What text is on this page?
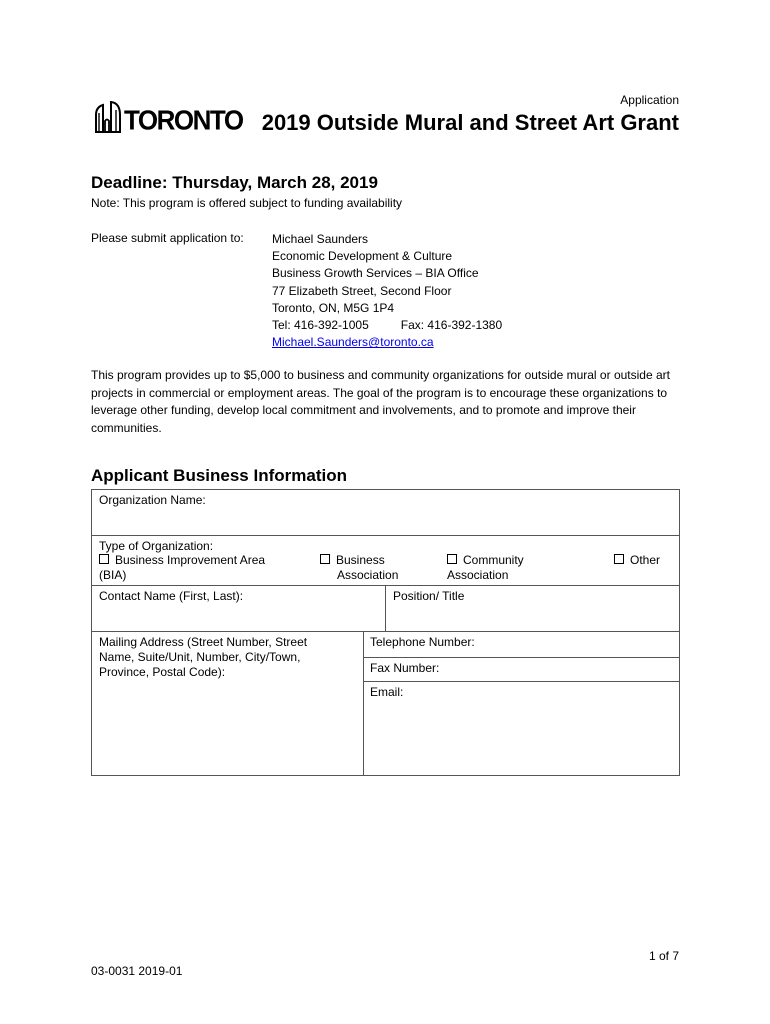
Application
TORONTO 2019 Outside Mural and Street Art Grant
Deadline: Thursday, March 28, 2019
Note: This program is offered subject to funding availability
Please submit application to: Michael Saunders
Economic Development & Culture
Business Growth Services – BIA Office
77 Elizabeth Street, Second Floor
Toronto, ON, M5G 1P4
Tel: 416-392-1005	Fax: 416-392-1380
Michael.Saunders@toronto.ca
This program provides up to $5,000 to business and community organizations for outside mural or outside art projects in commercial or employment areas. The goal of the program is to encourage these organizations to leverage other funding, develop local commitment and involvements, and to promote and improve their communities.
Applicant Business Information
Organization Name:
Type of Organization:
Business Improvement Area
(BIA)
Business
Association
Community
Association
Other
Contact Name (First, Last):	Position/ Title
Mailing Address (Street Number, Street
Name, Suite/Unit, Number, City/Town,
Province, Postal Code):
Telephone Number:
Fax Number:
Email:
1 of 7
03-0031 2019-01
